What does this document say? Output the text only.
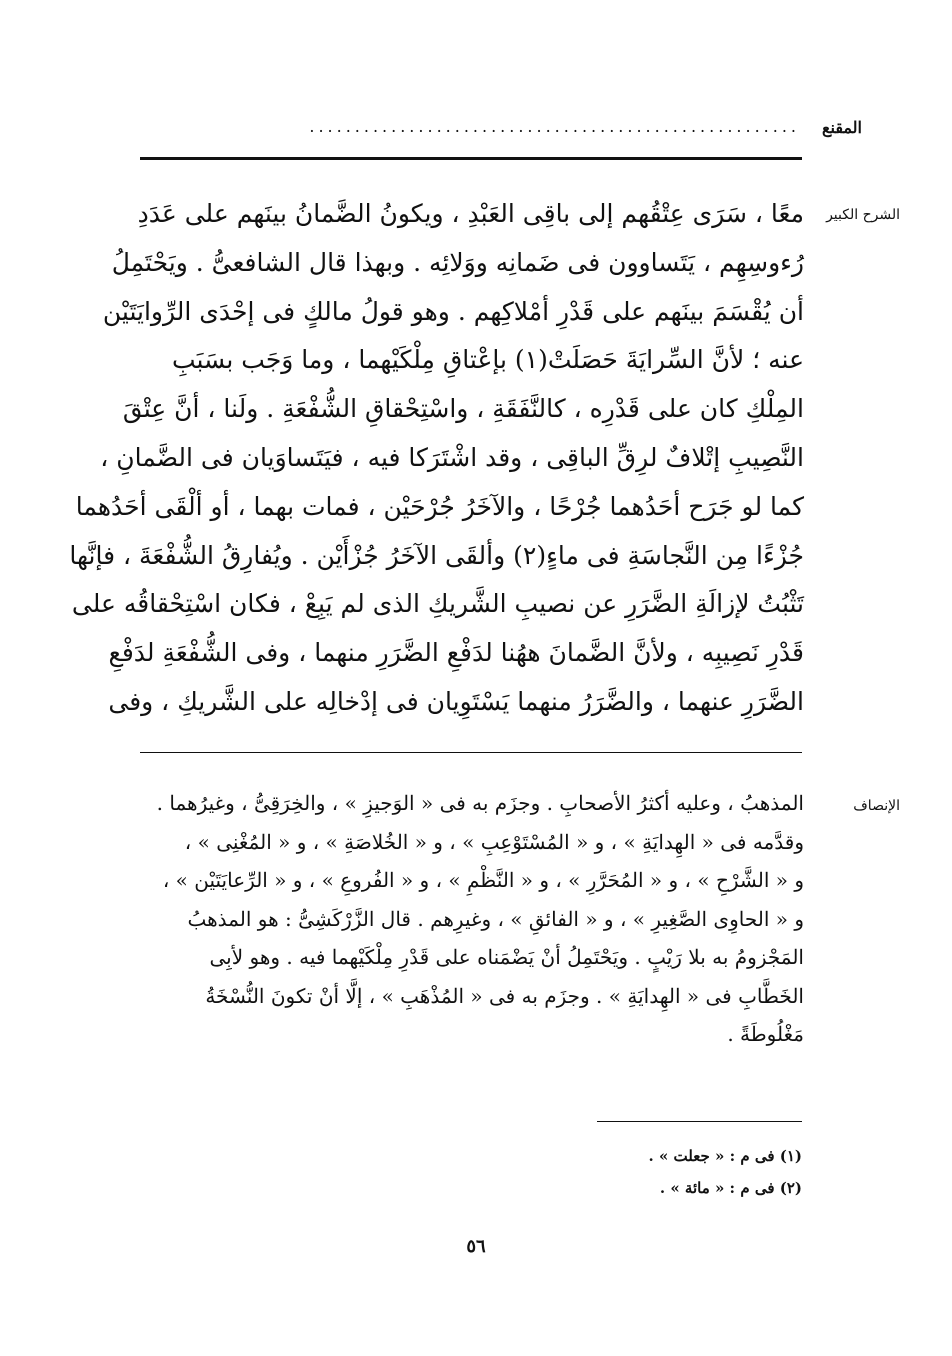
المقنع
......................................................
الشرح الكبير
معًا ، سَرَى عِتْقُهم إلى باقِى العَبْدِ ، ويكونُ الضَّمانُ بينَهم على عَدَدِ
رُءوسِهِم ، يَتَساوون فى ضَمانِه ووَلائِه . وبهذا قال الشافعىُّ . ويَحْتَمِلُ
أن يُقْسَمَ بينَهم على قَدْرِ أمْلاكِهم . وهو قولُ مالكٍ فى إحْدَى الرِّوايَتَيْن
عنه ؛ لأنَّ السِّرايَةَ حَصَلَتْ(١) بإعْتاقِ مِلْكَيْهما ، وما وَجَب بسَبَبِ
المِلْكِ كان على قَدْرِه ، كالنَّفَقَةِ ، واسْتِحْقاقِ الشُّفْعَةِ . ولَنا ، أنَّ عِتْقَ
النَّصِيبِ إتْلافٌ لرِقِّ الباقِى ، وقد اشْتَرَكا فيه ، فيَتَساوَيان فى الضَّمانِ ،
كما لو جَرَح أحَدُهما جُرْحًا ، والآخَرُ جُرْحَيْن ، فمات بهما ، أو ألْقَى أحَدُهما
جُزْءًا مِن النَّجاسَةِ فى ماءٍ(٢) وألقَى الآخَرُ جُزْأَيْن . ويُفارِقُ الشُّفْعَةَ ، فإنَّها
تَثْبُتُ لإزالَةِ الضَّرَرِ عن نصيبِ الشَّريكِ الذى لم يَبِعْ ، فكان اسْتِحْقاقُه على
قَدْرِ نَصِيبِه ، ولأنَّ الضَّمانَ ههُنا لدَفْعِ الضَّرَرِ منهما ، وفى الشُّفْعَةِ لدَفْعِ
الضَّرَرِ عنهما ، والضَّرَرُ منهما يَسْتَوِيان فى إدْخالِه على الشَّريكِ ، وفى
الإنصاف
المذهبُ ، وعليه أكثرُ الأصحابِ . وجزَم به فى « الوَجيزِ » ، والخِرَقِىُّ ، وغيرُهما .
وقدَّمه فى « الهِدايَةِ » ، و « المُسْتَوْعِبِ » ، و « الخُلاصَةِ » ، و « المُغْنِى » ،
و « الشَّرْحِ » ، و « المُحَرَّرِ » ، و « النَّظْمِ » ، و « الفُروعِ » ، و « الرِّعايَتَيْن » ،
و « الحاوِى الصَّغِيرِ » ، و « الفائقِ » ، وغيرِهم . قال الزَّرْكَشِىُّ : هو المذهبُ
المَجْزومُ به بلا رَيْبٍ . ويَحْتَمِلُ أنْ يَضْمَناه على قَدْرِ مِلْكَيْهما فيه . وهو لأبِى
الخَطَّابِ فى « الهِدايَةِ » . وجزَم به فى « المُذْهَبِ » ، إلَّا أنْ تكونَ النُّسْخَةُ
مَغْلُوطَةً .
(١) فى م : « جعلت » .
(٢) فى م : « مائة » .
٥٦
